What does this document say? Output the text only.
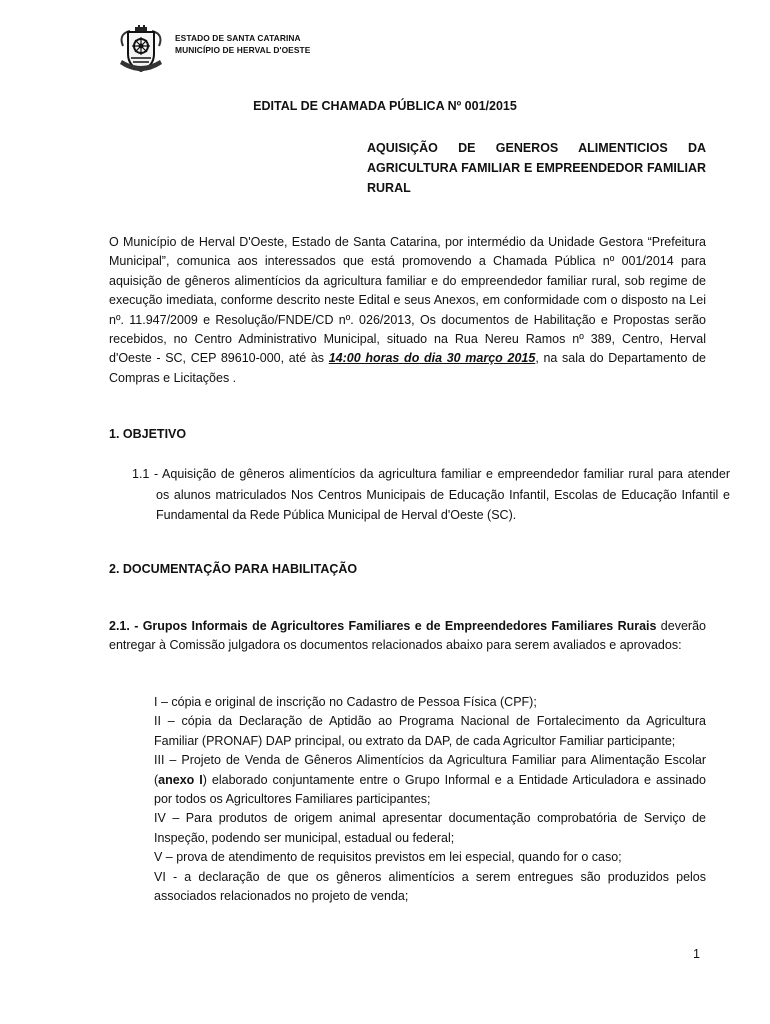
ESTADO DE SANTA CATARINA
MUNICÍPIO DE HERVAL D'OESTE
EDITAL DE CHAMADA PÚBLICA Nº 001/2015

AQUISIÇÃO DE GENEROS ALIMENTICIOS DA AGRICULTURA FAMILIAR E EMPREENDEDOR FAMILIAR RURAL

O Município de Herval D'Oeste, Estado de Santa Catarina, por intermédio da Unidade Gestora “Prefeitura Municipal”, comunica aos interessados que está promovendo a Chamada Pública nº 001/2014 para aquisição de gêneros alimentícios da agricultura familiar e do empreendedor familiar rural, sob regime de execução imediata, conforme descrito neste Edital e seus Anexos, em conformidade com o disposto na Lei nº. 11.947/2009 e Resolução/FNDE/CD nº. 026/2013, Os documentos de Habilitação e Propostas serão recebidos, no Centro Administrativo Municipal, situado na Rua Nereu Ramos nº 389, Centro, Herval d'Oeste - SC, CEP 89610-000, até às 14:00 horas do dia 30 março 2015, na sala do Departamento de Compras e Licitações .

1. OBJETIVO

1.1 - Aquisição de gêneros alimentícios da agricultura familiar e empreendedor familiar rural para atender os alunos matriculados Nos Centros Municipais de Educação Infantil, Escolas de Educação Infantil e Fundamental da Rede Pública Municipal de Herval d'Oeste (SC).

2. DOCUMENTAÇÃO PARA HABILITAÇÃO

2.1. - Grupos Informais de Agricultores Familiares e de Empreendedores Familiares Rurais deverão entregar à Comissão julgadora os documentos relacionados abaixo para serem avaliados e aprovados:

I – cópia e original de inscrição no Cadastro de Pessoa Física (CPF);

II – cópia da Declaração de Aptidão ao Programa Nacional de Fortalecimento da Agricultura Familiar (PRONAF) DAP principal, ou extrato da DAP, de cada Agricultor Familiar participante;

III – Projeto de Venda de Gêneros Alimentícios da Agricultura Familiar para Alimentação Escolar (anexo I) elaborado conjuntamente entre o Grupo Informal e a Entidade Articuladora e assinado por todos os Agricultores Familiares participantes;

IV – Para produtos de origem animal apresentar documentação comprobatória de Serviço de Inspeção, podendo ser municipal, estadual ou federal;

V – prova de atendimento de requisitos previstos em lei especial, quando for o caso;

VI - a declaração de que os gêneros alimentícios a serem entregues são produzidos pelos associados relacionados no projeto de venda;

1
